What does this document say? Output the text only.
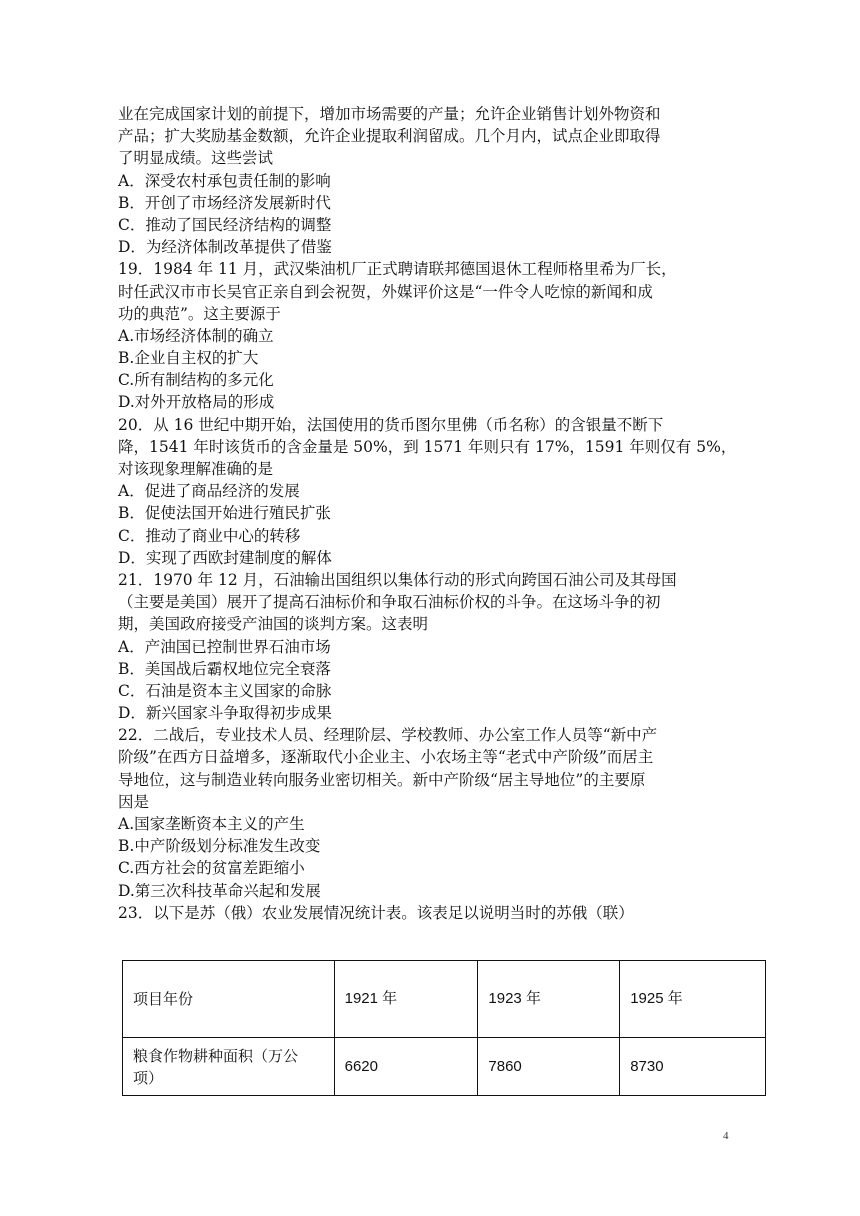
业在完成国家计划的前提下，增加市场需要的产量；允许企业销售计划外物资和
产品；扩大奖励基金数额，允许企业提取利润留成。几个月内，试点企业即取得
了明显成绩。这些尝试
A．深受农村承包责任制的影响
B．开创了市场经济发展新时代
C．推动了国民经济结构的调整
D．为经济体制改革提供了借鉴
19．1984 年 11 月，武汉柴油机厂正式聘请联邦德国退休工程师格里希为厂长，
时任武汉市市长吴官正亲自到会祝贺，外媒评价这是“一件令人吃惊的新闻和成
功的典范”。这主要源于
A.市场经济体制的确立
B.企业自主权的扩大
C.所有制结构的多元化
D.对外开放格局的形成
20．从 16 世纪中期开始，法国使用的货币图尔里佛（币名称）的含银量不断下
降，1541 年时该货币的含金量是 50%，到 1571 年则只有 17%，1591 年则仅有 5%，
对该现象理解准确的是
A．促进了商品经济的发展
B．促使法国开始进行殖民扩张
C．推动了商业中心的转移
D．实现了西欧封建制度的解体
21．1970 年 12 月，石油输出国组织以集体行动的形式向跨国石油公司及其母国
（主要是美国）展开了提高石油标价和争取石油标价权的斗争。在这场斗争的初
期，美国政府接受产油国的谈判方案。这表明
A．产油国已控制世界石油市场
B．美国战后霸权地位完全衰落
C．石油是资本主义国家的命脉
D．新兴国家斗争取得初步成果
22．二战后，专业技术人员、经理阶层、学校教师、办公室工作人员等“新中产
阶级”在西方日益增多，逐渐取代小企业主、小农场主等“老式中产阶级”而居主
导地位，这与制造业转向服务业密切相关。新中产阶级“居主导地位”的主要原
因是
A.国家垄断资本主义的产生
B.中产阶级划分标准发生改变
C.西方社会的贫富差距缩小
D.第三次科技革命兴起和发展
23．以下是苏（俄）农业发展情况统计表。该表足以说明当时的苏俄（联）
项目年份	1921 年	1923 年	1925 年

粮食作物耕种面积（万公
项）	6620	7860	8730
4
